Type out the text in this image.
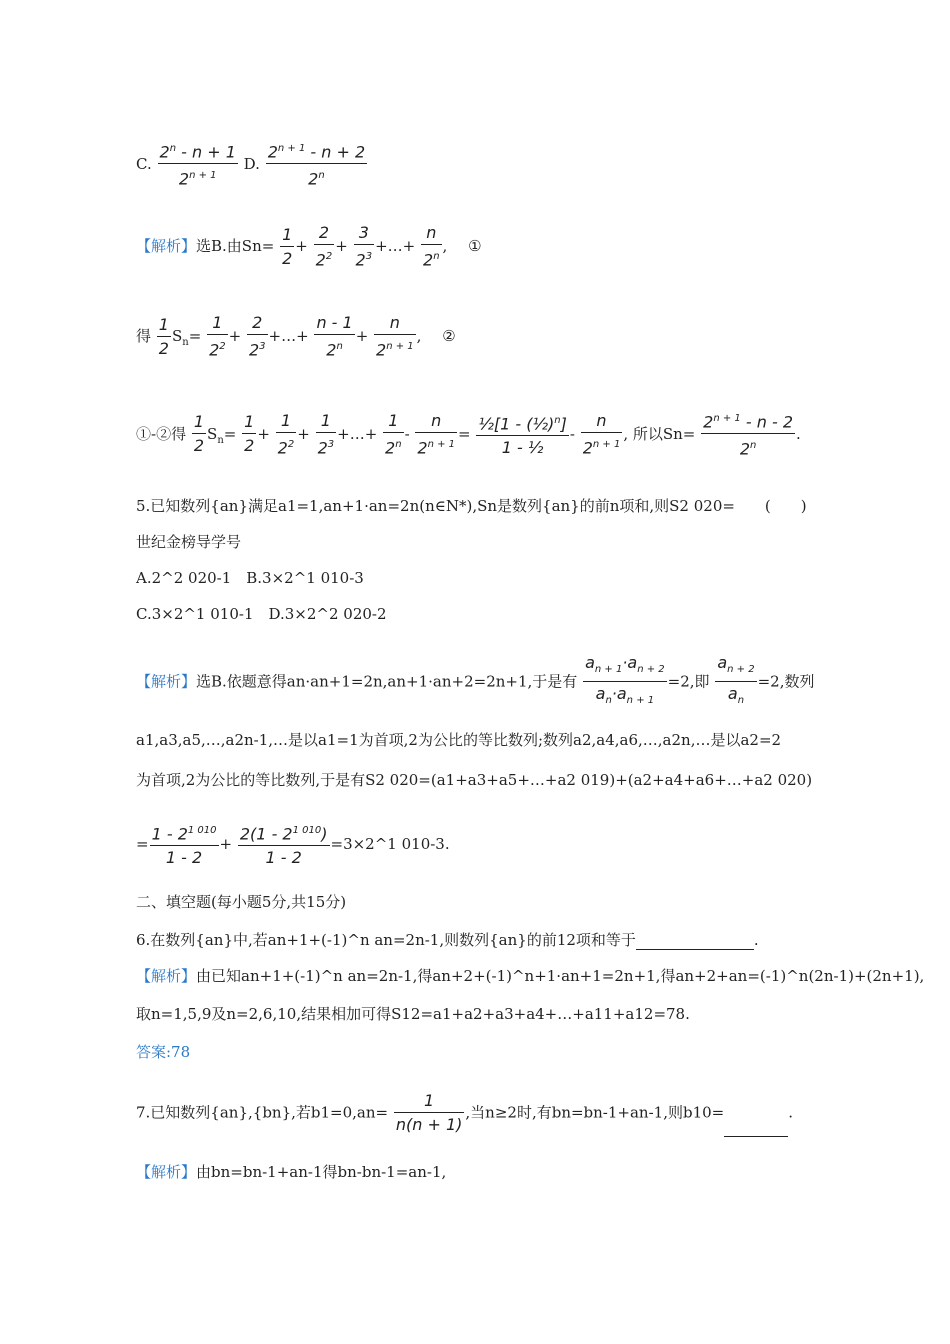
C. $\frac{2^n - n + 1}{2^{n + 1}} D$. $\frac{2^{n + 1} - n + 2}{2^n}$
【解析】选B.由$Sn= \frac{1}{2} + \frac{2}{2^2} + \frac{3}{2^3}$ +…+ $\frac{n}{2^n}$ , ①
得 $\frac{1}{2} S_n= \frac{1}{2^2} + \frac{2}{2^3}$ +…+ $\frac{n - 1}{2^n} + \frac{n}{2^{n + 1}}$ , ②
①-②得 $\frac{1}{2} S_n= \frac{1}{2} + \frac{1}{2^2} + \frac{1}{2^3}$ +…+ $\frac{1}{2^n} - \frac{n}{2^{n + 1}} = \frac{\frac{1}{2}[1 - (\frac{1}{2})^n]}{\text{1 - ½}} - \frac{n}{2^{n + 1}}$ , 所以$Sn= \frac{2^{n + 1} - n - 2}{2^n}$ .
5.已知数列{an}满足a1=1,an+1·an=2n(n∈N*),Sn是数列{an}的前n项和,则S2 020=　　(　　)
世纪金榜导学号
A.2^2 020-1　B.3×2^1 010-3
C.3×2^1 010-1　D.3×2^2 020-2
【解析】选B.依题意得an·an+1=2n,an+1·an+2=2n+1,于是有 $\frac{a_{n + 1}\cdot a_{n + 2}}{a_n\cdot a_{n + 1}} =2$,即 $\frac{a_{n + 2}}{a_n} =2$,数列
a1,a3,a5,…,a2n-1,…是以a1=1为首项,2为公比的等比数列;数列a2,a4,a6,…,a2n,…是以a2=2
为首项,2为公比的等比数列,于是有S2 020=(a1+a3+a5+…+a2 019)+(a2+a4+a6+…+a2 020)
= $\frac{1 - 2^{1 010}}{1 - 2} + \frac{2(1 - 2^{1 010})}{1 - 2}$ =3×2^1 010-3.
二、填空题(每小题5分,共15分)
6.在数列{an}中,若an+1+(-1)^n an=2n-1,则数列{an}的前12项和等于	.
【解析】由已知an+1+(-1)^n an=2n-1,得an+2+(-1)^n+1·an+1=2n+1,得an+2+an=(-1)^n(2n-1)+(2n+1),
取n=1,5,9及n=2,6,10,结果相加可得S12=a1+a2+a3+a4+…+a11+a12=78.
答案:78
7.已知数列{an},{bn},若$b1=0,an= \frac{1}{n(n + 1)}$ ,当n≥2时,有bn=bn-1+an-1,则b10=	.
【解析】由bn=bn-1+an-1得bn-bn-1=an-1,
